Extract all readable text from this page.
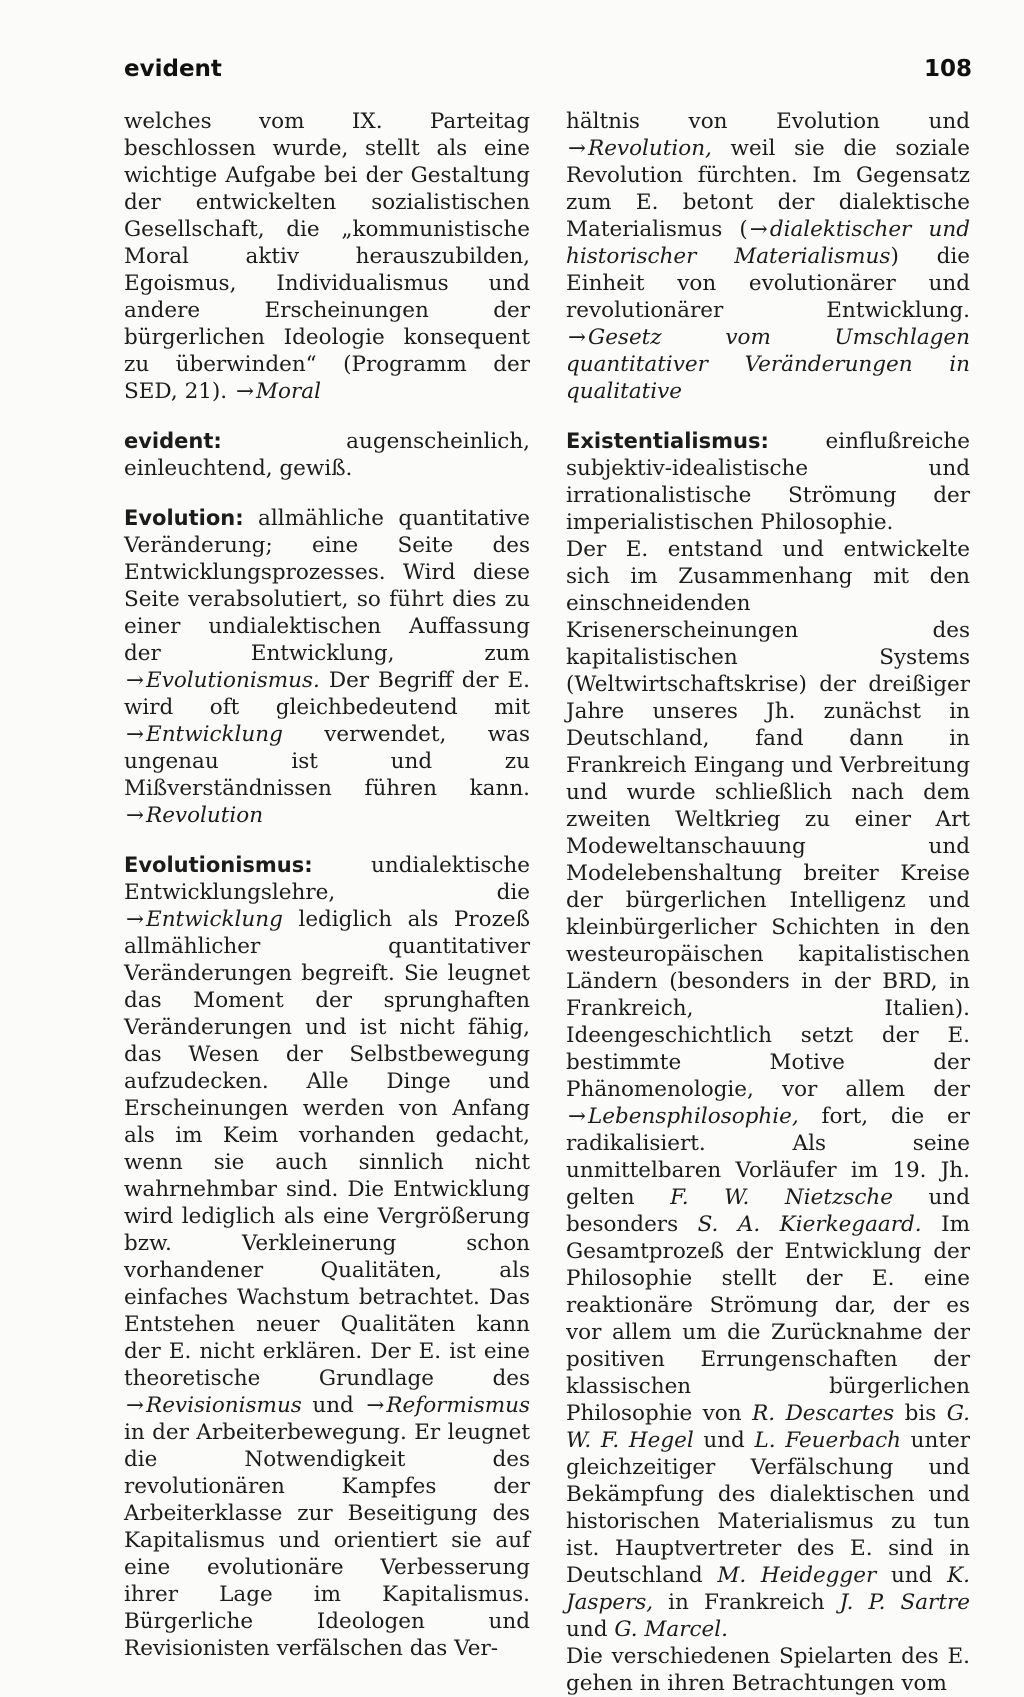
evident	108

welches vom IX. Parteitag beschlossen wurde, stellt als eine wichtige Aufgabe bei der Gestaltung der entwickelten sozialistischen Gesellschaft, die „kommunistische Moral aktiv herauszubilden, Egoismus, Individualismus und andere Erscheinungen der bürgerlichen Ideologie konsequent zu überwinden“ (Programm der SED, 21). → Moral

evident:	augenscheinlich, einleuchtend, gewiß.

Evolution: allmähliche quantitative Veränderung; eine Seite des Entwicklungsprozesses. Wird diese Seite verabsolutiert, so führt dies zu einer undialektischen Auffassung der Entwicklung, zum → Evolutionismus. Der Begriff der E. wird oft gleichbedeutend mit → Entwicklung verwendet, was ungenau ist und zu Mißverständnissen führen kann. → Revolution

Evolutionismus:	undialektische Entwicklungslehre, die → Entwicklung lediglich als Prozeß allmählicher quantitativer Veränderungen begreift. Sie leugnet das Moment der sprunghaften Veränderungen und ist nicht fähig, das Wesen der Selbstbewegung aufzudecken. Alle Dinge und Erscheinungen werden von Anfang als im Keim vorhanden gedacht, wenn sie auch sinnlich nicht wahrnehmbar sind. Die Entwicklung wird lediglich als eine Vergrößerung bzw. Verkleinerung schon vorhandener Qualitäten, als einfaches Wachstum betrachtet. Das Entstehen neuer Qualitäten kann der E. nicht erklären. Der E. ist eine theoretische Grundlage des → Revisionismus und → Reformismus in der Arbeiterbewegung. Er leugnet die Notwendigkeit des revolutionären Kampfes der Arbeiterklasse zur Beseitigung des Kapitalismus und orientiert sie auf eine evolutionäre Verbesserung ihrer Lage im Kapitalismus. Bürgerliche Ideologen und Revisionisten verfälschen das Ver-

hältnis von Evolution und → Revolution, weil sie die soziale Revolution fürchten. Im Gegensatz zum E. betont der dialektische Materialismus (→ dialektischer und historischer Materialismus) die Einheit von evolutionärer und revolutionärer Entwicklung. → Gesetz vom Umschlagen quantitativer Veränderungen in qualitative

Existentialismus:	einflußreiche subjektiv-idealistische und irrationalistische Strömung der imperialistischen Philosophie.

Der E. entstand und entwickelte sich im Zusammenhang mit den einschneidenden Krisenerscheinungen des kapitalistischen Systems (Weltwirtschaftskrise) der dreißiger Jahre unseres Jh. zunächst in Deutschland, fand dann in Frankreich Eingang und Verbreitung und wurde schließlich nach dem zweiten Weltkrieg zu einer Art Modeweltanschauung und Modelebenshaltung breiter Kreise der bürgerlichen Intelligenz und kleinbürgerlicher Schichten in den westeuropäischen kapitalistischen Ländern (besonders in der BRD, in Frankreich, Italien). Ideengeschichtlich setzt der E. bestimmte Motive der Phänomenologie, vor allem der → Lebensphilosophie, fort, die er radikalisiert. Als seine unmittelbaren Vorläufer im 19. Jh. gelten F. W. Nietzsche und besonders S. A. Kierkegaard. Im Gesamtprozeß der Entwicklung der Philosophie stellt der E. eine reaktionäre Strömung dar, der es vor allem um die Zurücknahme der positiven Errungenschaften der klassischen bürgerlichen Philosophie von R. Descartes bis G. W. F. Hegel und L. Feuerbach unter gleichzeitiger Verfälschung und Bekämpfung des dialektischen und historischen Materialismus zu tun ist. Hauptvertreter des E. sind in Deutschland M. Heidegger und K. Jaspers, in Frankreich J. P. Sartre und G. Marcel.

Die verschiedenen Spielarten des E. gehen in ihren Betrachtungen vom
